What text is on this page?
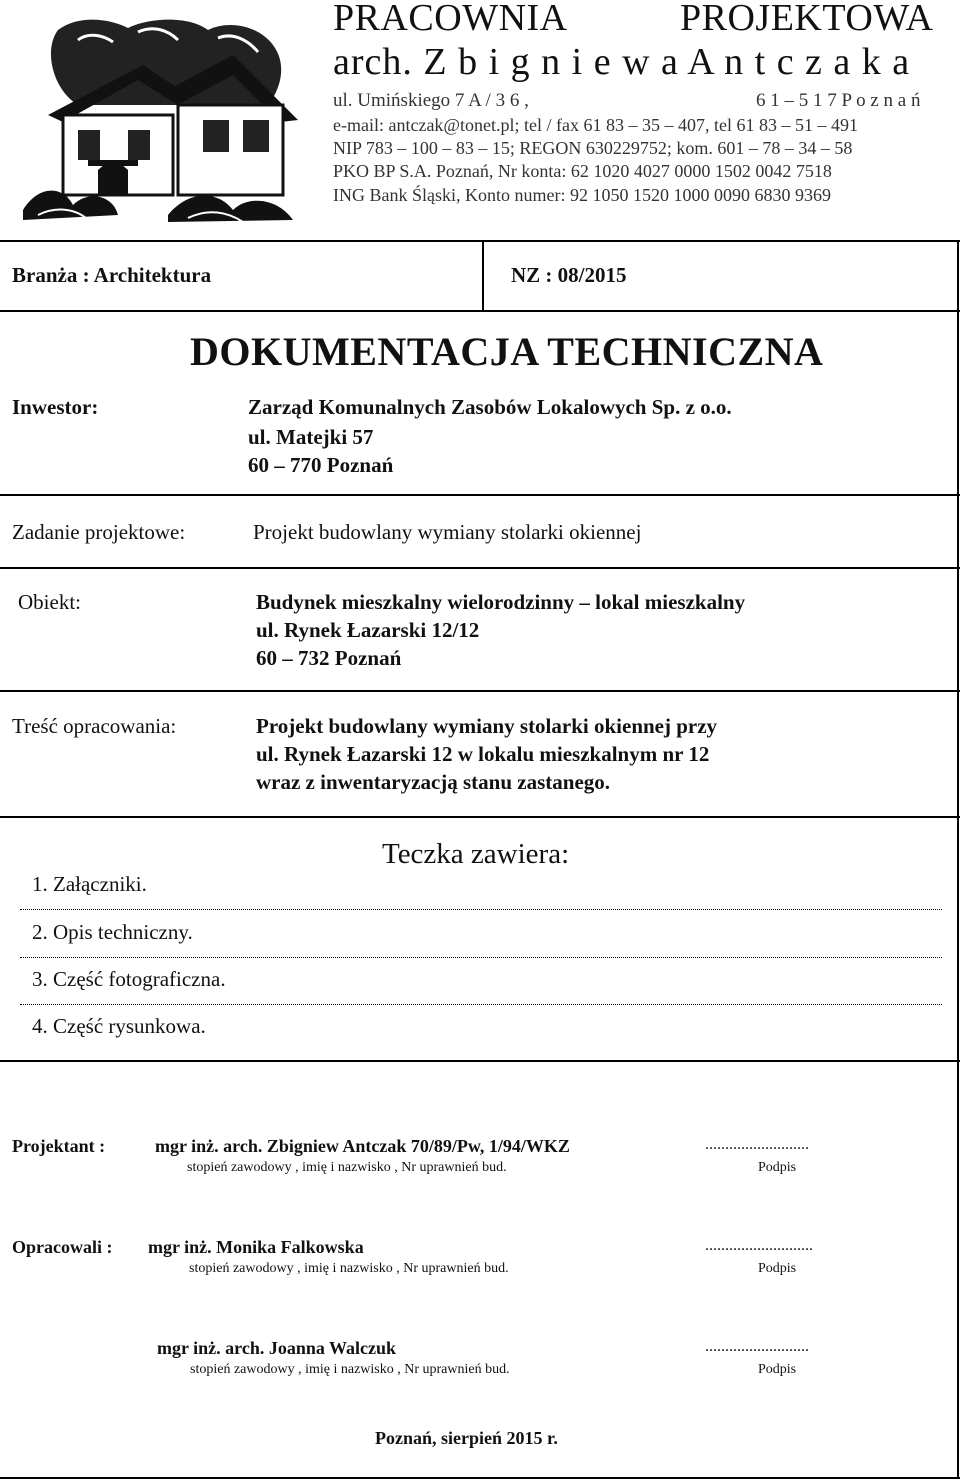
PRACOWNIA	PROJEKTOWA
arch. Z b i g n i e w a A n t c z a k a
ul. Umińskiego 7 A / 3 6 ,	6 1 – 5 1 7 P o z n a ń
e-mail: antczak@tonet.pl; tel / fax 61 83 – 35 – 407, tel 61 83 – 51 – 491
NIP 783 – 100 – 83 – 15; REGON 630229752; kom. 601 – 78 – 34 – 58
PKO BP S.A. Poznań, Nr konta: 62 1020 4027 0000 1502 0042 7518
ING Bank Śląski, Konto numer: 92 1050 1520 1000 0090 6830 9369
Branża : Architektura	NZ : 08/2015
DOKUMENTACJA TECHNICZNA
Inwestor:	Zarząd Komunalnych Zasobów Lokalowych Sp. z o.o.
ul. Matejki 57
60 – 770 Poznań
Zadanie projektowe:	Projekt budowlany wymiany stolarki okiennej
Obiekt:	Budynek mieszkalny wielorodzinny – lokal mieszkalny
ul. Rynek Łazarski 12/12
60 – 732 Poznań
Treść opracowania:	Projekt budowlany wymiany stolarki okiennej przy
ul. Rynek Łazarski 12 w lokalu mieszkalnym nr 12
wraz z inwentaryzacją stanu zastanego.
Teczka zawiera:
1. Załączniki.
2. Opis techniczny.
3. Część fotograficzna.
4. Część rysunkowa.
Projektant :	mgr inż. arch. Zbigniew Antczak 70/89/Pw, 1/94/WKZ	..........................
stopień zawodowy , imię i nazwisko , Nr uprawnień bud.	Podpis
Opracowali : mgr inż. Monika Falkowska	...........................
stopień zawodowy , imię i nazwisko , Nr uprawnień bud.	Podpis
mgr inż. arch. Joanna Walczuk	..........................
stopień zawodowy , imię i nazwisko , Nr uprawnień bud.	Podpis
Poznań, sierpień 2015 r.
